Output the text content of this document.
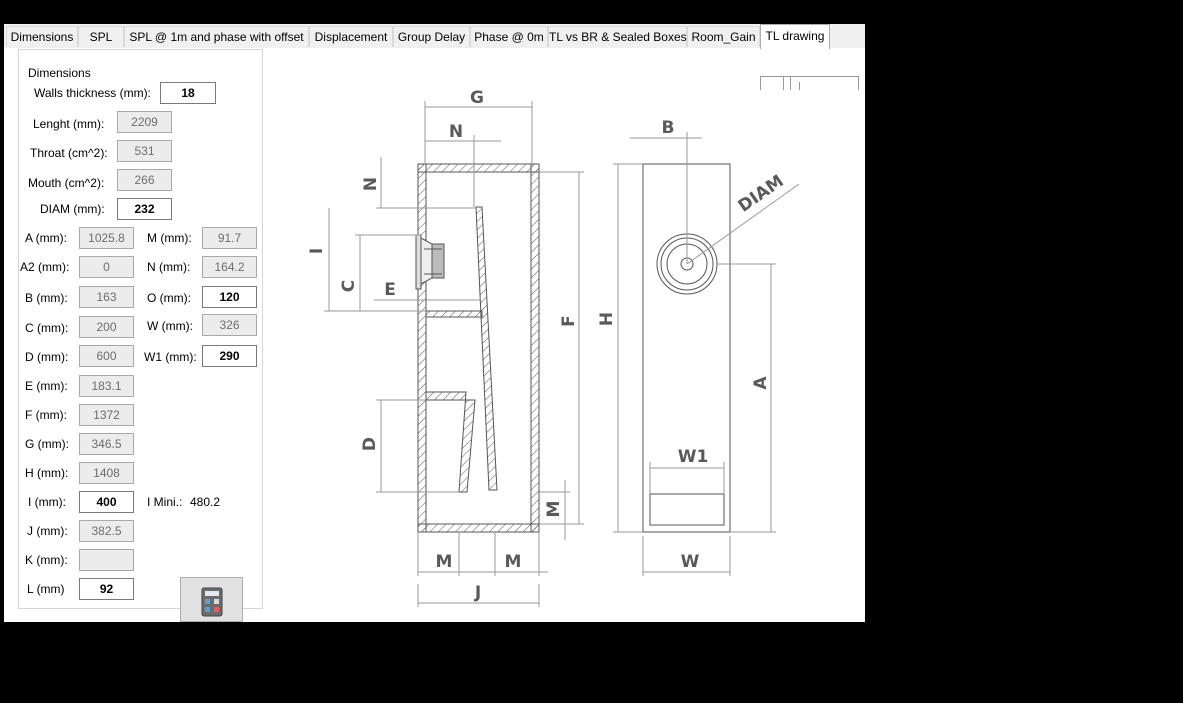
Dimensions	SPL	SPL @ 1m and phase with offset Displacement Group Delay Phase @ 0m TL vs BR & Sealed Boxes Room_Gain TL drawing
G
N
N
I
C E
F
D
M
M	M
J
B
DIAM
H
A
W1
W
Dimensions
Walls thickness (mm):	18
Lenght (mm):	2209
Throat (cm^2):	531
Mouth (cm^2):	266
DIAM (mm):	232
A (mm):	1025.8
A2 (mm):	0
B (mm):	163
C (mm):	200
D (mm):	600
E (mm):	183.1
F (mm):	1372
G (mm):	346.5
H (mm):	1408
I (mm):	400	I Mini.: 480.2
J (mm):	382.5
K (mm):
L (mm)	92
M (mm):	91.7
N (mm):	164.2
O (mm):	120
W (mm):	326
W1 (mm):	290
